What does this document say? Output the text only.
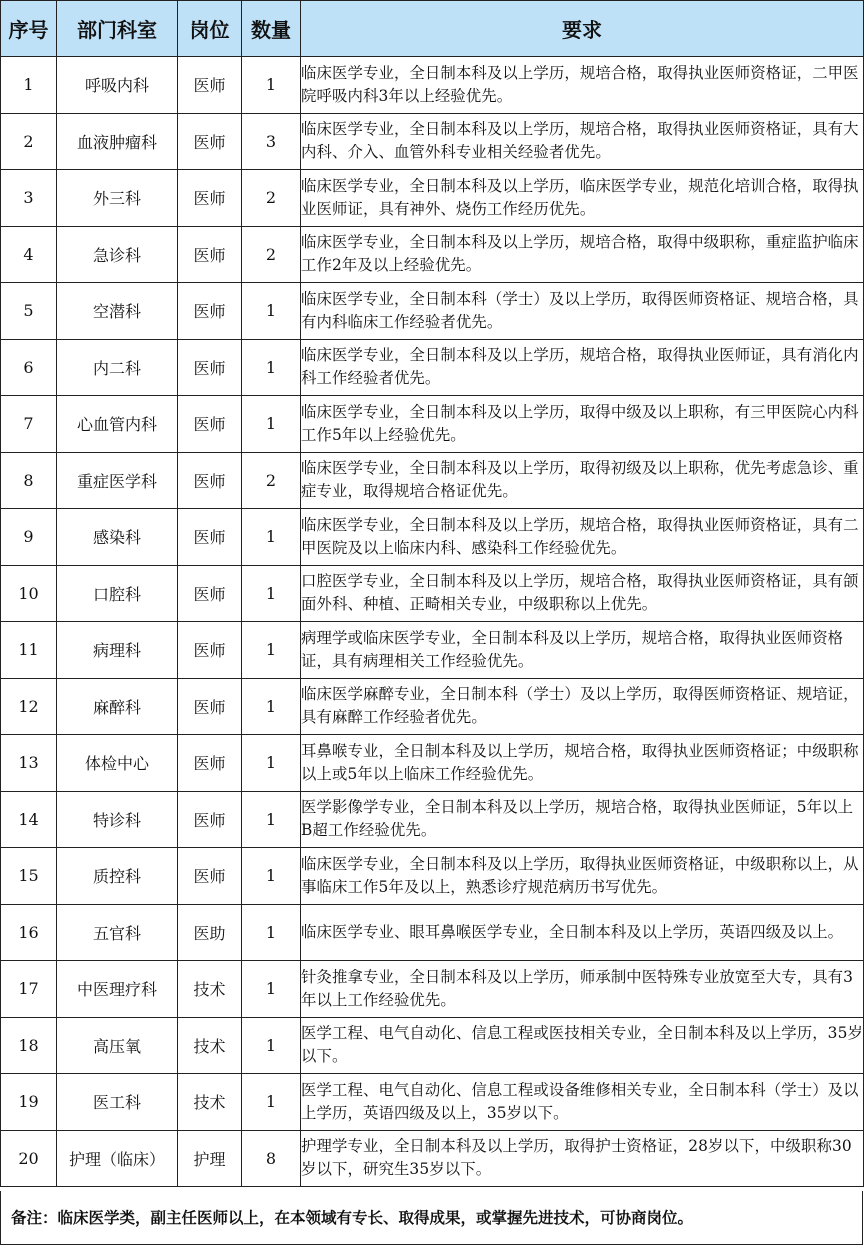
序号	部门科室	岗位	数量	要求
1	呼吸内科	医师	1	临床医学专业，全日制本科及以上学历，规培合格，取得执业医师资格证，二甲医院呼吸内科3年以上经验优先。
2	血液肿瘤科	医师	3	临床医学专业，全日制本科及以上学历，规培合格，取得执业医师资格证，具有大内科、介入、血管外科专业相关经验者优先。
3	外三科	医师	2	临床医学专业，全日制本科及以上学历，临床医学专业，规范化培训合格，取得执业医师证，具有神外、烧伤工作经历优先。
4	急诊科	医师	2	临床医学专业，全日制本科及以上学历，规培合格，取得中级职称，重症监护临床工作2年及以上经验优先。
5	空潜科	医师	1	临床医学专业，全日制本科（学士）及以上学历，取得医师资格证、规培合格，具有内科临床工作经验者优先。
6	内二科	医师	1	临床医学专业，全日制本科及以上学历，规培合格，取得执业医师证，具有消化内科工作经验者优先。
7	心血管内科	医师	1	临床医学专业，全日制本科及以上学历，取得中级及以上职称，有三甲医院心内科工作5年以上经验优先。
8	重症医学科	医师	2	临床医学专业，全日制本科及以上学历，取得初级及以上职称，优先考虑急诊、重症专业，取得规培合格证优先。
9	感染科	医师	1	临床医学专业，全日制本科及以上学历，规培合格，取得执业医师资格证，具有二甲医院及以上临床内科、感染科工作经验优先。
10	口腔科	医师	1	口腔医学专业，全日制本科及以上学历，规培合格，取得执业医师资格证，具有颌面外科、种植、正畸相关专业，中级职称以上优先。
11	病理科	医师	1	病理学或临床医学专业，全日制本科及以上学历，规培合格，取得执业医师资格证，具有病理相关工作经验优先。
12	麻醉科	医师	1	临床医学麻醉专业，全日制本科（学士）及以上学历，取得医师资格证、规培证，具有麻醉工作经验者优先。
13	体检中心	医师	1	耳鼻喉专业，全日制本科及以上学历，规培合格，取得执业医师资格证；中级职称以上或5年以上临床工作经验优先。
14	特诊科	医师	1	医学影像学专业，全日制本科及以上学历，规培合格，取得执业医师证，5年以上B超工作经验优先。
15	质控科	医师	1	临床医学专业，全日制本科及以上学历，取得执业医师资格证，中级职称以上，从事临床工作5年及以上，熟悉诊疗规范病历书写优先。
16	五官科	医助	1	临床医学专业、眼耳鼻喉医学专业，全日制本科及以上学历，英语四级及以上。
17	中医理疗科	技术	1	针灸推拿专业，全日制本科及以上学历，师承制中医特殊专业放宽至大专，具有3年以上工作经验优先。
18	高压氧	技术	1	医学工程、电气自动化、信息工程或医技相关专业，全日制本科及以上学历，35岁以下。
19	医工科	技术	1	医学工程、电气自动化、信息工程或设备维修相关专业，全日制本科（学士）及以上学历，英语四级及以上，35岁以下。
20	护理（临床）	护理	8	护理学专业，全日制本科及以上学历，取得护士资格证，28岁以下，中级职称30岁以下，研究生35岁以下。
备注：临床医学类，副主任医师以上，在本领域有专长、取得成果，或掌握先进技术，可协商岗位。
